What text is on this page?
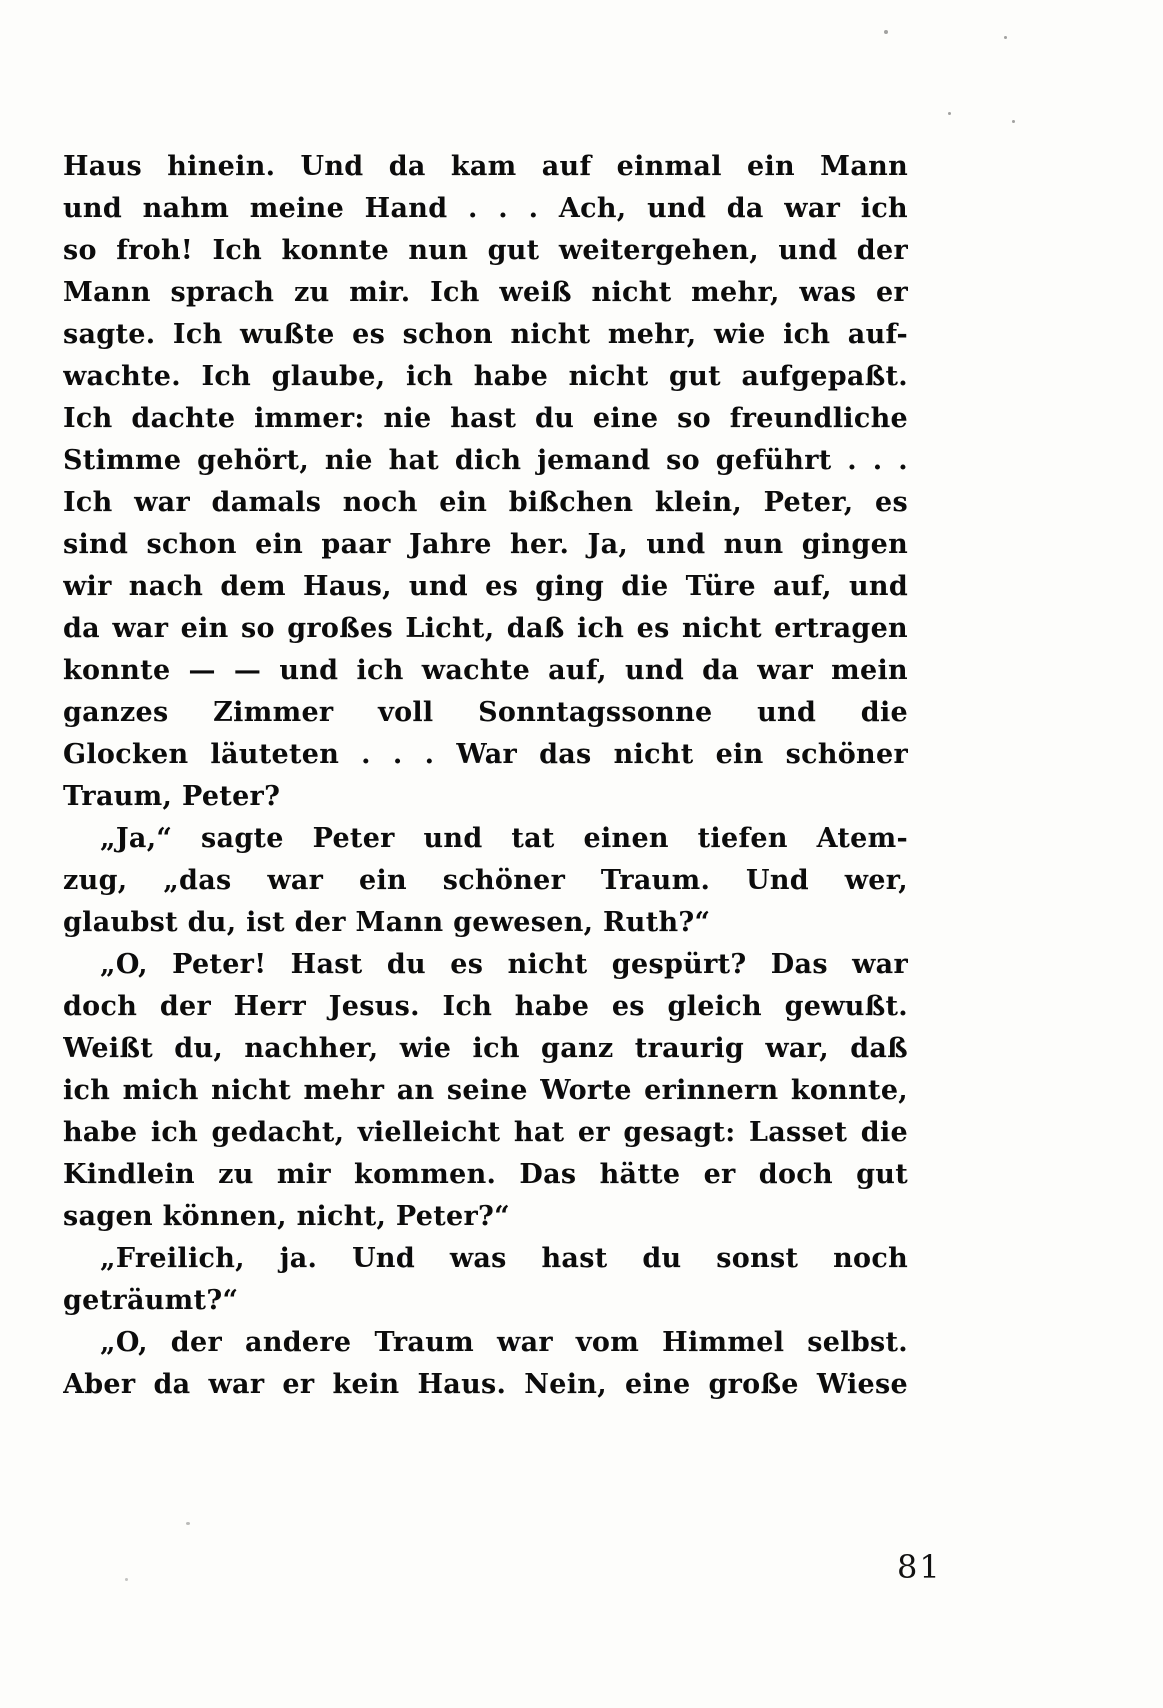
Haus hinein. Und da kam auf einmal ein Mann
und nahm meine Hand . . . Ach, und da war ich
so froh! Ich konnte nun gut weitergehen, und der
Mann sprach zu mir. Ich weiß nicht mehr, was er
sagte. Ich wußte es schon nicht mehr, wie ich auf-
wachte. Ich glaube, ich habe nicht gut aufgepaßt.
Ich dachte immer: nie hast du eine so freundliche
Stimme gehört, nie hat dich jemand so geführt . . .
Ich war damals noch ein bißchen klein, Peter, es
sind schon ein paar Jahre her. Ja, und nun gingen
wir nach dem Haus, und es ging die Türe auf, und
da war ein so großes Licht, daß ich es nicht ertragen
konnte — — und ich wachte auf, und da war mein
ganzes Zimmer voll Sonntagssonne und die
Glocken läuteten . . . War das nicht ein schöner
Traum, Peter?
„Ja,“ sagte Peter und tat einen tiefen Atem-
zug, „das war ein schöner Traum. Und wer,
glaubst du, ist der Mann gewesen, Ruth?“
„O, Peter! Hast du es nicht gespürt? Das war
doch der Herr Jesus. Ich habe es gleich gewußt.
Weißt du, nachher, wie ich ganz traurig war, daß
ich mich nicht mehr an seine Worte erinnern konnte,
habe ich gedacht, vielleicht hat er gesagt: Lasset die
Kindlein zu mir kommen. Das hätte er doch gut
sagen können, nicht, Peter?“
„Freilich, ja. Und was hast du sonst noch
geträumt?“
„O, der andere Traum war vom Himmel selbst.
Aber da war er kein Haus. Nein, eine große Wiese
81
